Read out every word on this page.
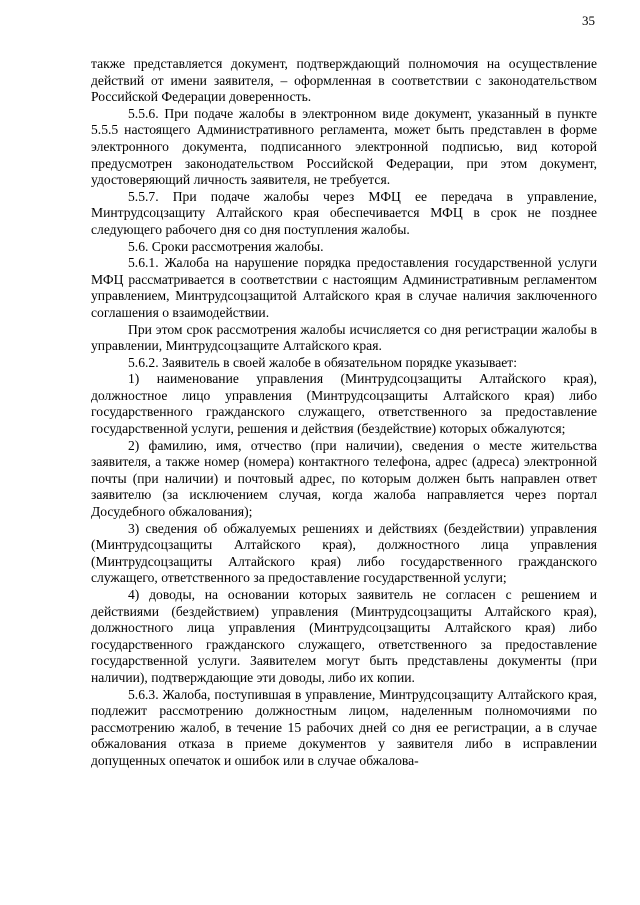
35

также представляется документ, подтверждающий полномочия на осуществление действий от имени заявителя, – оформленная в соответствии с законодательством Российской Федерации доверенность.

5.5.6. При подаче жалобы в электронном виде документ, указанный в пункте 5.5.5 настоящего Административного регламента, может быть представлен в форме электронного документа, подписанного электронной подписью, вид которой предусмотрен законодательством Российской Федерации, при этом документ, удостоверяющий личность заявителя, не требуется.

5.5.7. При подаче жалобы через МФЦ ее передача в управление, Минтрудсоцзащиту Алтайского края обеспечивается МФЦ в срок не позднее следующего рабочего дня со дня поступления жалобы.

5.6. Сроки рассмотрения жалобы.

5.6.1. Жалоба на нарушение порядка предоставления государственной услуги МФЦ рассматривается в соответствии с настоящим Административным регламентом управлением, Минтрудсоцзащитой Алтайского края в случае наличия заключенного соглашения о взаимодействии.

При этом срок рассмотрения жалобы исчисляется со дня регистрации жалобы в управлении, Минтрудсоцзащите Алтайского края.

5.6.2. Заявитель в своей жалобе в обязательном порядке указывает:

1) наименование управления (Минтрудсоцзащиты Алтайского края), должностное лицо управления (Минтрудсоцзащиты Алтайского края) либо государственного гражданского служащего, ответственного за предоставление государственной услуги, решения и действия (бездействие) которых обжалуются;

2) фамилию, имя, отчество (при наличии), сведения о месте жительства заявителя, а также номер (номера) контактного телефона, адрес (адреса) электронной почты (при наличии) и почтовый адрес, по которым должен быть направлен ответ заявителю (за исключением случая, когда жалоба направляется через портал Досудебного обжалования);

3) сведения об обжалуемых решениях и действиях (бездействии) управления (Минтрудсоцзащиты Алтайского края), должностного лица управления (Минтрудсоцзащиты Алтайского края) либо государственного гражданского служащего, ответственного за предоставление государственной услуги;

4) доводы, на основании которых заявитель не согласен с решением и действиями (бездействием) управления (Минтрудсоцзащиты Алтайского края), должностного лица управления (Минтрудсоцзащиты Алтайского края) либо государственного гражданского служащего, ответственного за предоставление государственной услуги. Заявителем могут быть представлены документы (при наличии), подтверждающие эти доводы, либо их копии.

5.6.3. Жалоба, поступившая в управление, Минтрудсоцзащиту Алтайского края, подлежит рассмотрению должностным лицом, наделенным полномочиями по рассмотрению жалоб, в течение 15 рабочих дней со дня ее регистрации, а в случае обжалования отказа в приеме документов у заявителя либо в исправлении допущенных опечаток и ошибок или в случае обжалова-
